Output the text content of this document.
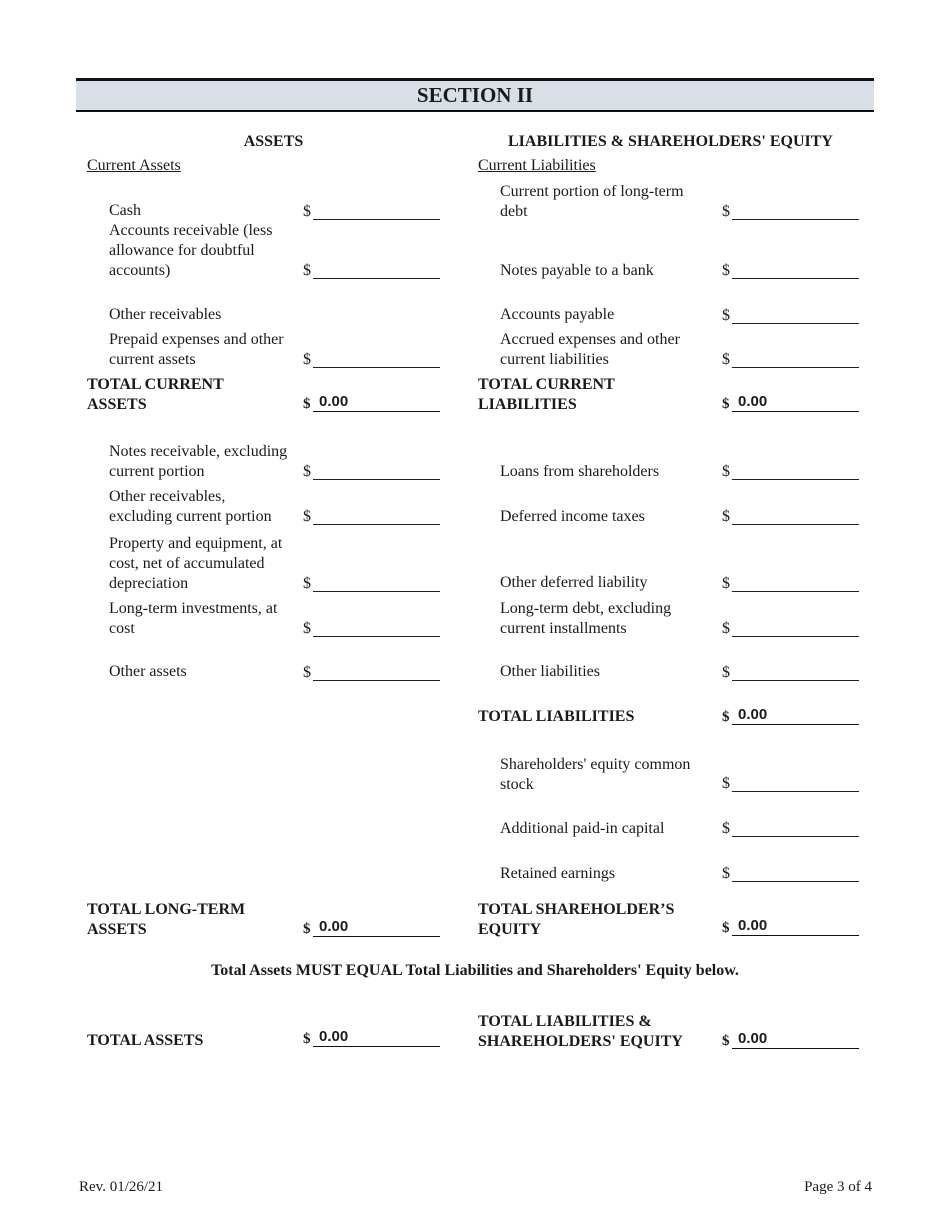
SECTION II
ASSETS	LIABILITIES & SHAREHOLDERS' EQUITY
Current Assets	Current Liabilities
Cash	$
Accounts receivable (less allowance for doubtful accounts)	$
Other receivables
Prepaid expenses and other current assets	$
TOTAL CURRENT ASSETS	$ 0.00
Notes receivable, excluding current portion	$
Other receivables, excluding current portion	$
Property and equipment, at cost, net of accumulated depreciation	$
Long-term investments, at cost	$
Other assets	$
TOTAL LONG-TERM ASSETS	$ 0.00
Current portion of long-term debt	$
Notes payable to a bank	$
Accounts payable	$
Accrued expenses and other current liabilities	$
TOTAL CURRENT LIABILITIES	$ 0.00
Loans from shareholders	$
Deferred income taxes	$
Other deferred liability	$
Long-term debt, excluding current installments	$
Other liabilities	$
TOTAL LIABILITIES	$ 0.00
Shareholders' equity common stock	$
Additional paid-in capital	$
Retained earnings	$
TOTAL SHAREHOLDER’S EQUITY	$ 0.00
Total Assets MUST EQUAL Total Liabilities and Shareholders' Equity below.
TOTAL ASSETS	$ 0.00
TOTAL LIABILITIES & SHAREHOLDERS' EQUITY	$ 0.00
Rev. 01/26/21	Page 3 of 4
